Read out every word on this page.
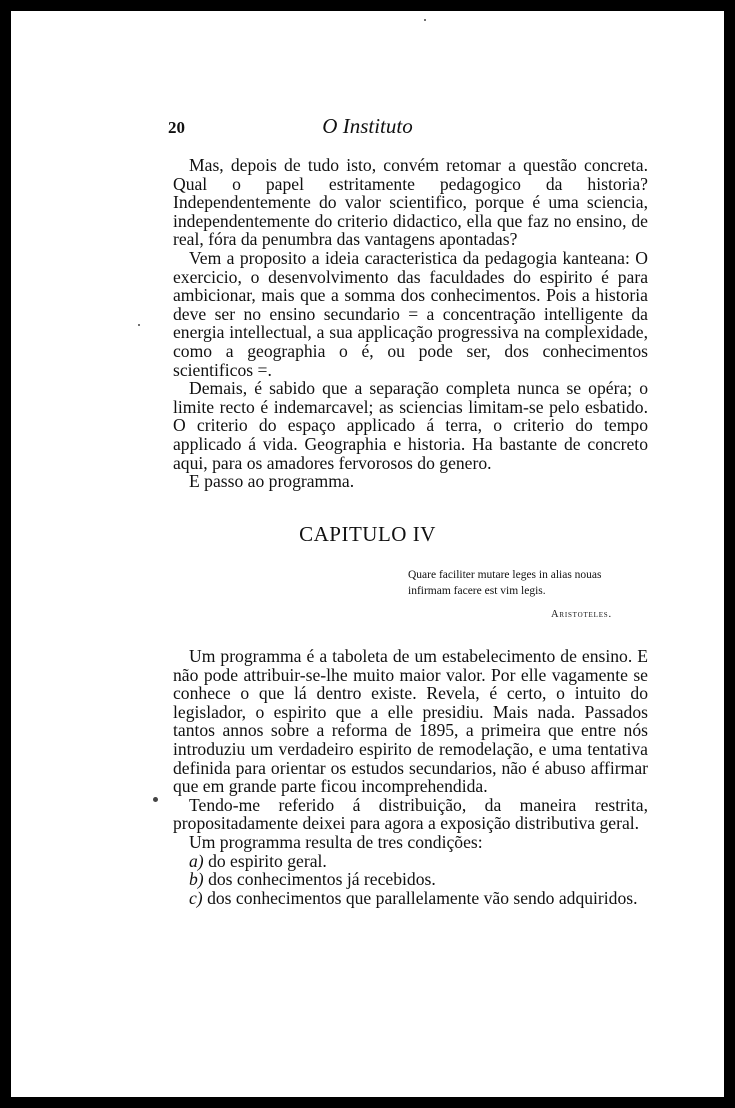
20	O Instituto

Mas, depois de tudo isto, convém retomar a questão concreta. Qual o papel estritamente pedagogico da historia? Independentemente do valor scientifico, porque é uma sciencia, independentemente do criterio didactico, ella que faz no ensino, de real, fóra da penumbra das vantagens apontadas?

Vem a proposito a ideia caracteristica da pedagogia kanteana: O exercicio, o desenvolvimento das faculdades do espirito é para ambicionar, mais que a somma dos conhecimentos. Pois a historia deve ser no ensino secundario = a concentração intelligente da energia intellectual, a sua applicação progressiva na complexidade, como a geographia o é, ou pode ser, dos conhecimentos scientificos =.

Demais, é sabido que a separação completa nunca se opéra; o limite recto é indemarcavel; as sciencias limitam-se pelo esbatido. O criterio do espaço applicado á terra, o criterio do tempo applicado á vida. Geographia e historia. Ha bastante de concreto aqui, para os amadores fervorosos do genero.

E passo ao programma.

CAPITULO IV
Quare faciliter mutare leges in alias nouas
infirmam facere est vim legis.
Aristoteles.

Um programma é a taboleta de um estabelecimento de ensino. E não pode attribuir-se-lhe muito maior valor. Por elle vagamente se conhece o que lá dentro existe. Revela, é certo, o intuito do legislador, o espirito que a elle presidiu. Mais nada. Passados tantos annos sobre a reforma de 1895, a primeira que entre nós introduziu um verdadeiro espirito de remodelação, e uma tentativa definida para orientar os estudos secundarios, não é abuso affirmar que em grande parte ficou incomprehendida.

Tendo-me referido á distribuição, da maneira restrita, propositadamente deixei para agora a exposição distributiva geral.

Um programma resulta de tres condições:

a) do espirito geral.
b) dos conhecimentos já recebidos.
c) dos conhecimentos que parallelamente vão sendo adquiridos.
